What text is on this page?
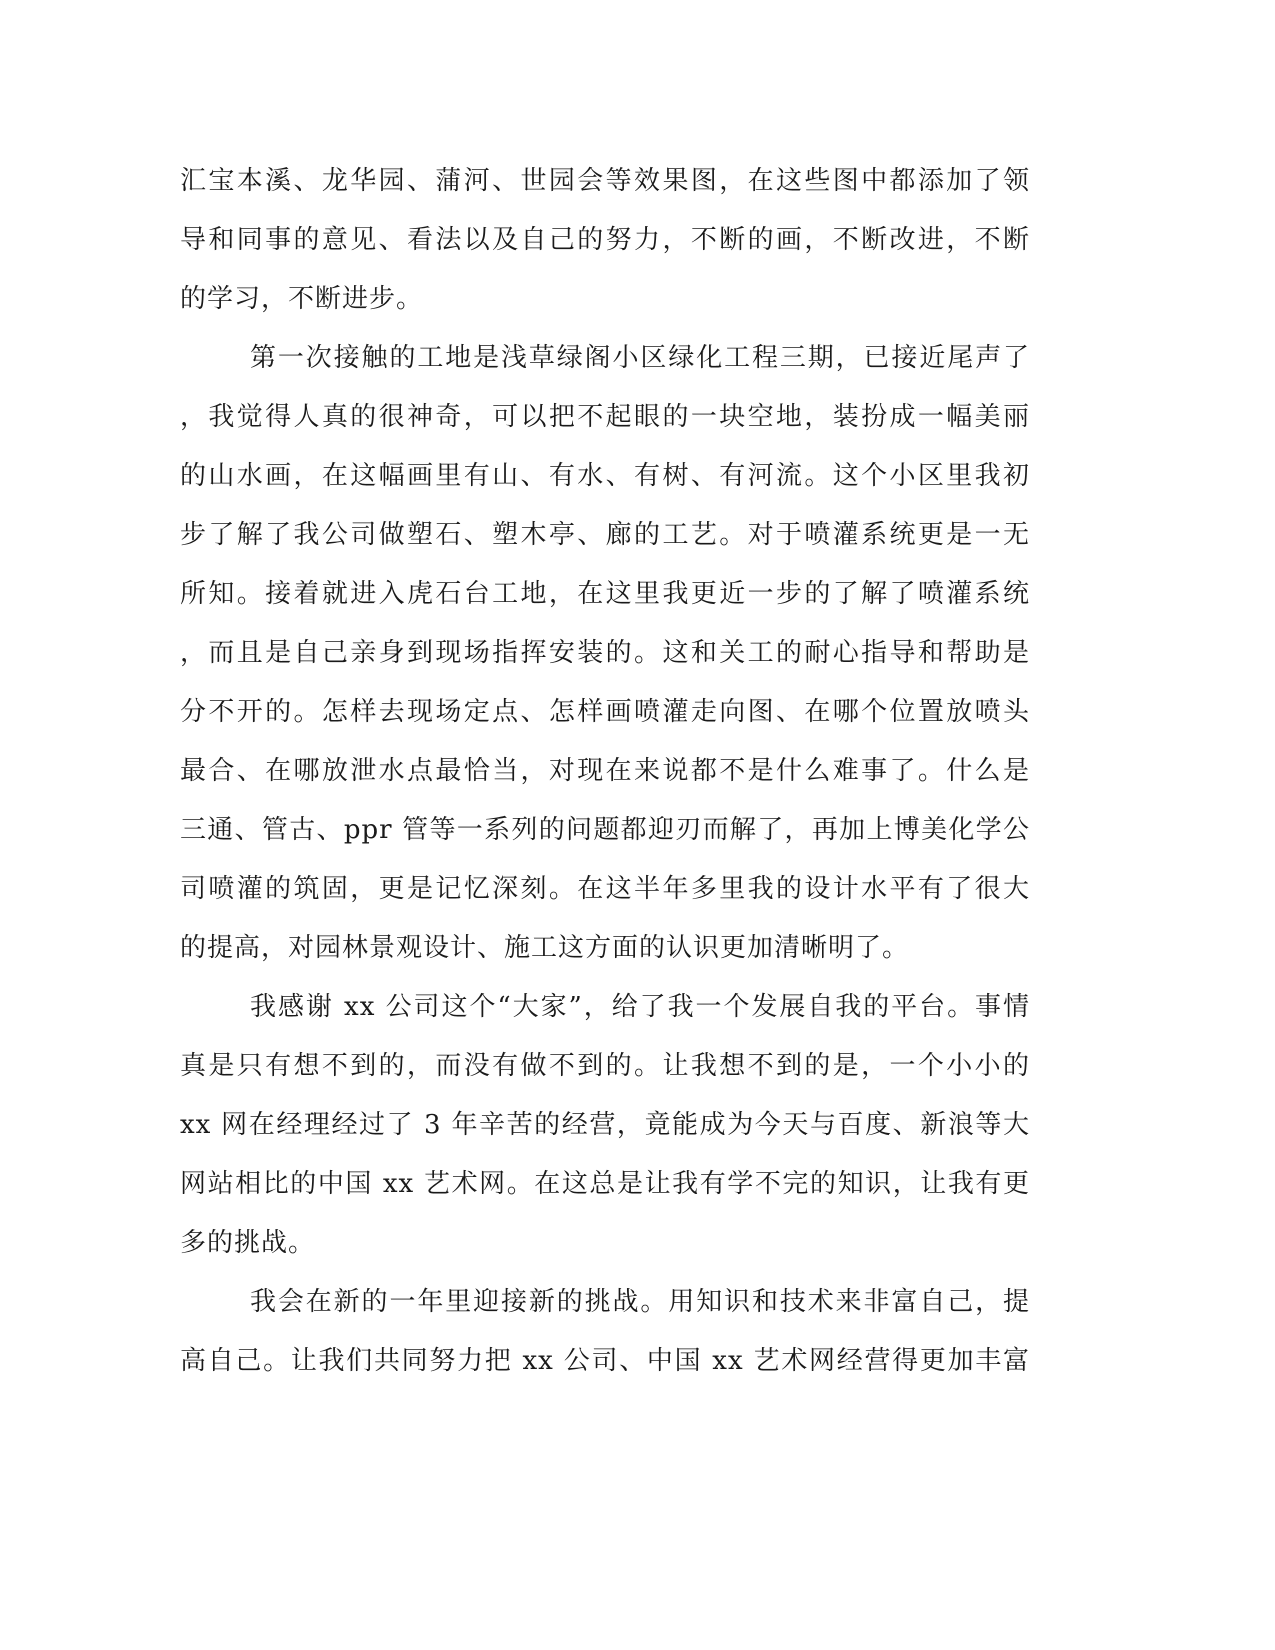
汇宝本溪、龙华园、蒲河、世园会等效果图，在这些图中都添加了领
导和同事的意见、看法以及自己的努力，不断的画，不断改进，不断
的学习，不断进步。
第一次接触的工地是浅草绿阁小区绿化工程三期，已接近尾声了
，我觉得人真的很神奇，可以把不起眼的一块空地，装扮成一幅美丽
的山水画，在这幅画里有山、有水、有树、有河流。这个小区里我初
步了解了我公司做塑石、塑木亭、廊的工艺。对于喷灌系统更是一无
所知。接着就进入虎石台工地，在这里我更近一步的了解了喷灌系统
，而且是自己亲身到现场指挥安装的。这和关工的耐心指导和帮助是
分不开的。怎样去现场定点、怎样画喷灌走向图、在哪个位置放喷头
最合、在哪放泄水点最恰当，对现在来说都不是什么难事了。什么是
三通、管古、ppr 管等一系列的问题都迎刃而解了，再加上博美化学公
司喷灌的筑固，更是记忆深刻。在这半年多里我的设计水平有了很大
的提高，对园林景观设计、施工这方面的认识更加清晰明了。
我感谢 xx 公司这个“大家”，给了我一个发展自我的平台。事情
真是只有想不到的，而没有做不到的。让我想不到的是，一个小小的
xx 网在经理经过了 3 年辛苦的经营，竟能成为今天与百度、新浪等大
网站相比的中国 xx 艺术网。在这总是让我有学不完的知识，让我有更
多的挑战。
我会在新的一年里迎接新的挑战。用知识和技术来非富自己，提
高自己。让我们共同努力把 xx 公司、中国 xx 艺术网经营得更加丰富
